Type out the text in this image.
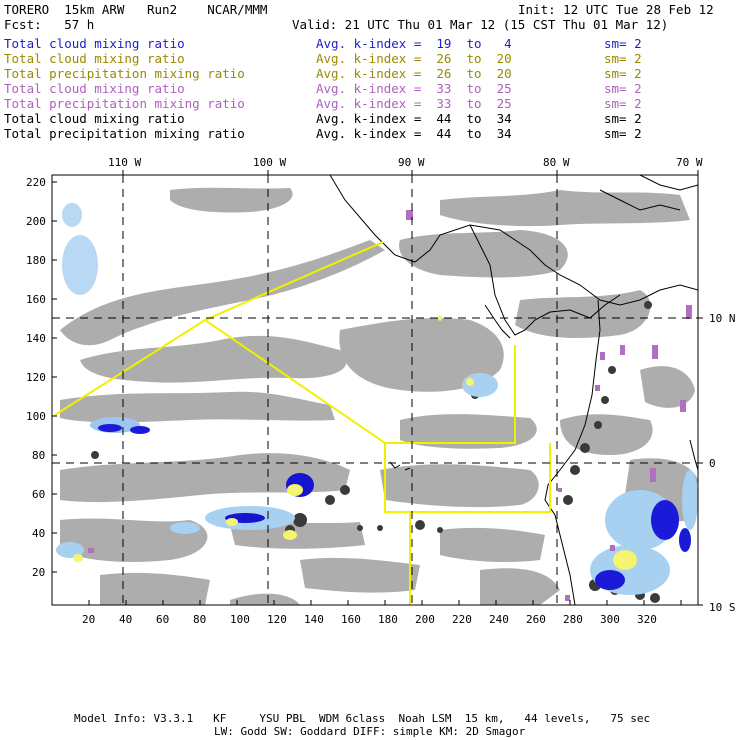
TORERO  15km ARW   Run2    NCAR/MMM	Init: 12 UTC Tue 28 Feb 12
Fcst:   57 h	Valid: 21 UTC Thu 01 Mar 12 (15 CST Thu 01 Mar 12)
Total cloud mixing ratio	Avg. k-index =  19  to   4	sm= 2
Total cloud mixing ratio	Avg. k-index =  26  to  20	sm= 2
Total precipitation mixing ratio	Avg. k-index =  26  to  20	sm= 2
Total cloud mixing ratio	Avg. k-index =  33  to  25	sm= 2
Total precipitation mixing ratio	Avg. k-index =  33  to  25	sm= 2
Total cloud mixing ratio	Avg. k-index =  44  to  34	sm= 2
Total precipitation mixing ratio	Avg. k-index =  44  to  34	sm= 2
20 40 60 80 100 120 140 160 180 200 220 240 260 280 300 320
20
40
60
80
100
120
140
160
180
200
220
110 W	100 W	90 W	80 W	70 W
10 N
0
10 S
Model Info: V3.3.1   KF     YSU PBL  WDM 6class  Noah LSM  15 km,   44 levels,   75 sec
LW: Godd SW: Goddard DIFF: simple KM: 2D Smagor
